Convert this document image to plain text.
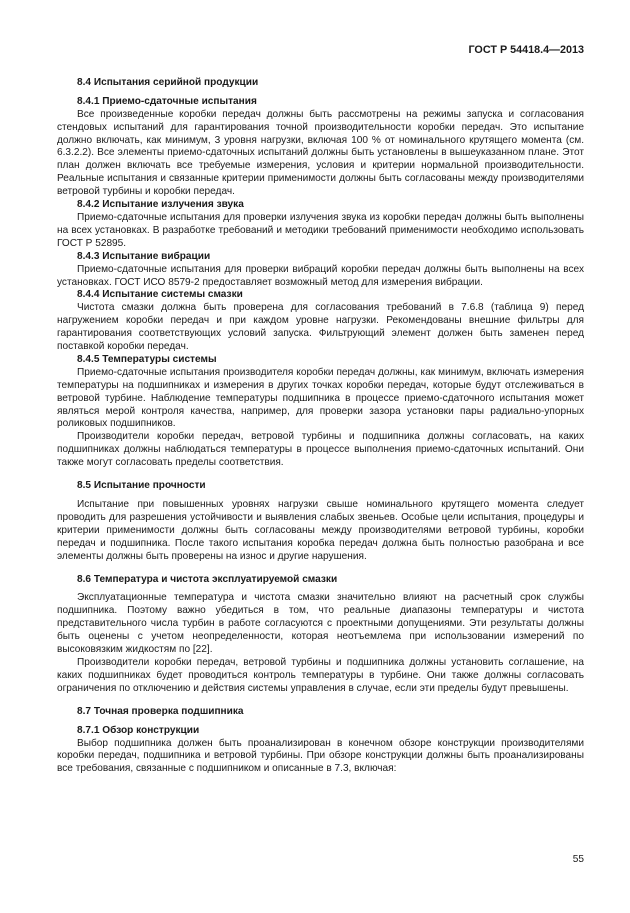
ГОСТ Р 54418.4—2013
8.4 Испытания серийной продукции
8.4.1 Приемо-сдаточные испытания

Все произведенные коробки передач должны быть рассмотрены на режимы запуска и согласования стендовых испытаний для гарантирования точной производительности коробки передач. Это испытание должно включать, как минимум, 3 уровня нагрузки, включая 100 % от номинального крутящего момента (см. 6.3.2.2). Все элементы приемо-сдаточных испытаний должны быть установлены в вышеуказанном плане. Этот план должен включать все требуемые измерения, условия и критерии нормальной производительности. Реальные испытания и связанные критерии применимости должны быть согласованы между производителями ветровой турбины и коробки передач.

8.4.2 Испытание излучения звука

Приемо-сдаточные испытания для проверки излучения звука из коробки передач должны быть выполнены на всех установках. В разработке требований и методики требований применимости необходимо использовать ГОСТ Р 52895.

8.4.3 Испытание вибрации

Приемо-сдаточные испытания для проверки вибраций коробки передач должны быть выполнены на всех установках. ГОСТ ИСО 8579-2 предоставляет возможный метод для измерения вибрации.

8.4.4 Испытание системы смазки

Чистота смазки должна быть проверена для согласования требований в 7.6.8 (таблица 9) перед нагружением коробки передач и при каждом уровне нагрузки. Рекомендованы внешние фильтры для гарантирования соответствующих условий запуска. Фильтрующий элемент должен быть заменен перед поставкой коробки передач.

8.4.5 Температуры системы

Приемо-сдаточные испытания производителя коробки передач должны, как минимум, включать измерения температуры на подшипниках и измерения в других точках коробки передач, которые будут отслеживаться в ветровой турбине. Наблюдение температуры подшипника в процессе приемо-сдаточного испытания может являться мерой контроля качества, например, для проверки зазора установки пары радиально-упорных роликовых подшипников.

Производители коробки передач, ветровой турбины и подшипника должны согласовать, на каких подшипниках должны наблюдаться температуры в процессе выполнения приемо-сдаточных испытаний. Они также могут согласовать пределы соответствия.

8.5 Испытание прочности

Испытание при повышенных уровнях нагрузки свыше номинального крутящего момента следует проводить для разрешения устойчивости и выявления слабых звеньев. Особые цели испытания, процедуры и критерии применимости должны быть согласованы между производителями ветровой турбины, коробки передач и подшипника. После такого испытания коробка передач должна быть полностью разобрана и все элементы должны быть проверены на износ и другие нарушения.

8.6 Температура и чистота эксплуатируемой смазки

Эксплуатационные температура и чистота смазки значительно влияют на расчетный срок службы подшипника. Поэтому важно убедиться в том, что реальные диапазоны температуры и чистота представительного числа турбин в работе согласуются с проектными допущениями. Эти результаты должны быть оценены с учетом неопределенности, которая неотъемлема при использовании измерений по высоковязким жидкостям по [22].

Производители коробки передач, ветровой турбины и подшипника должны установить соглашение, на каких подшипниках будет проводиться контроль температуры в турбине. Они также должны согласовать ограничения по отключению и действия системы управления в случае, если эти пределы будут превышены.

8.7 Точная проверка подшипника
8.7.1 Обзор конструкции

Выбор подшипника должен быть проанализирован в конечном обзоре конструкции производителями коробки передач, подшипника и ветровой турбины. При обзоре конструкции должны быть проанализированы все требования, связанные с подшипником и описанные в 7.3, включая:

55
